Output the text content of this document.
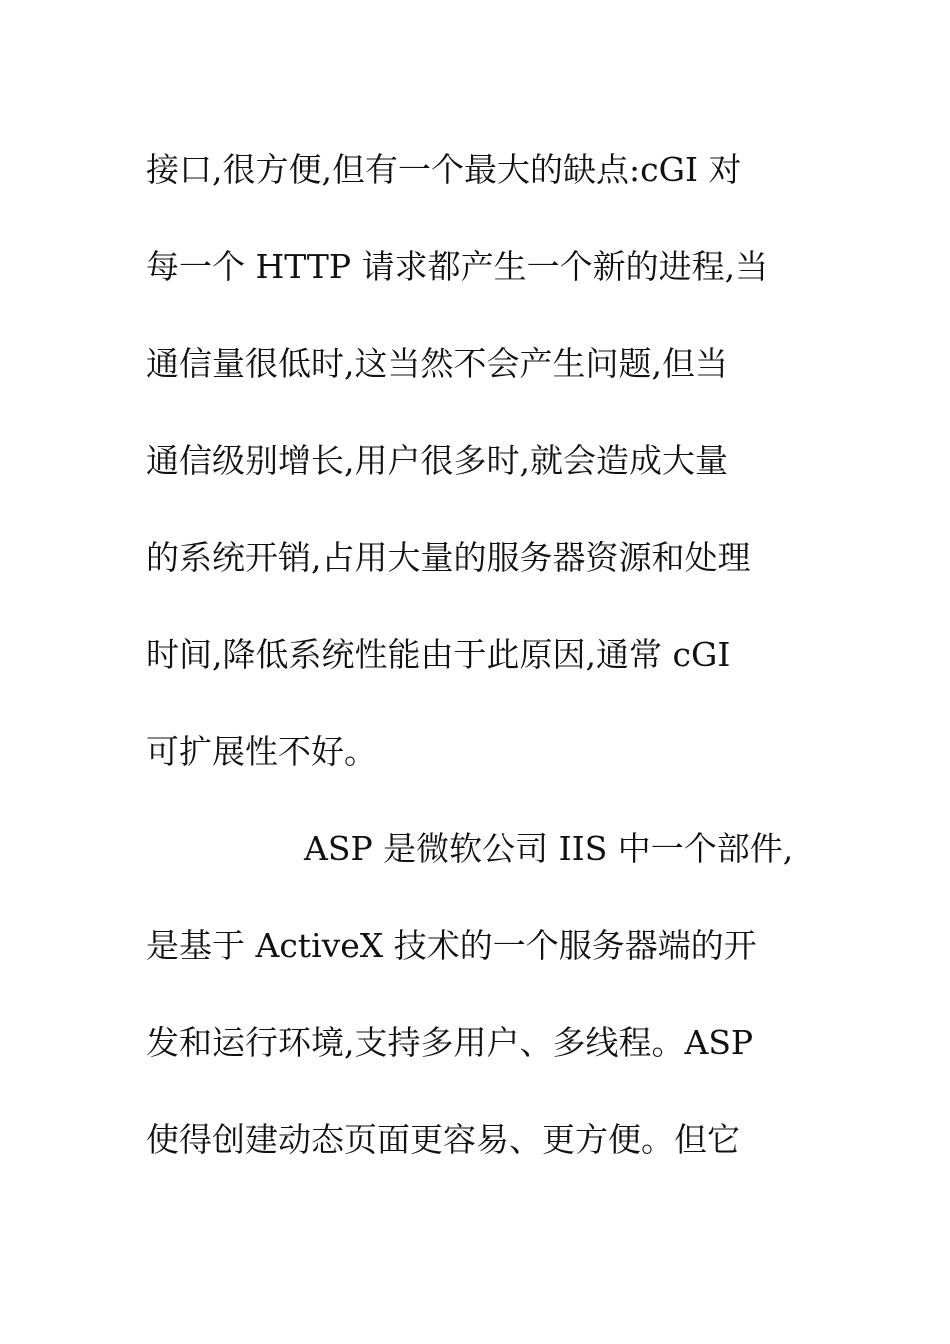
接口,很方便,但有一个最大的缺点:cGI 对
每一个 HTTP 请求都产生一个新的进程,当
通信量很低时,这当然不会产生问题,但当
通信级别增长,用户很多时,就会造成大量
的系统开销,占用大量的服务器资源和处理
时间,降低系统性能由于此原因,通常 cGI
可扩展性不好。
ASP 是微软公司 IIS 中一个部件,
是基于 ActiveX 技术的一个服务器端的开
发和运行环境,支持多用户、多线程。ASP
使得创建动态页面更容易、更方便。但它
